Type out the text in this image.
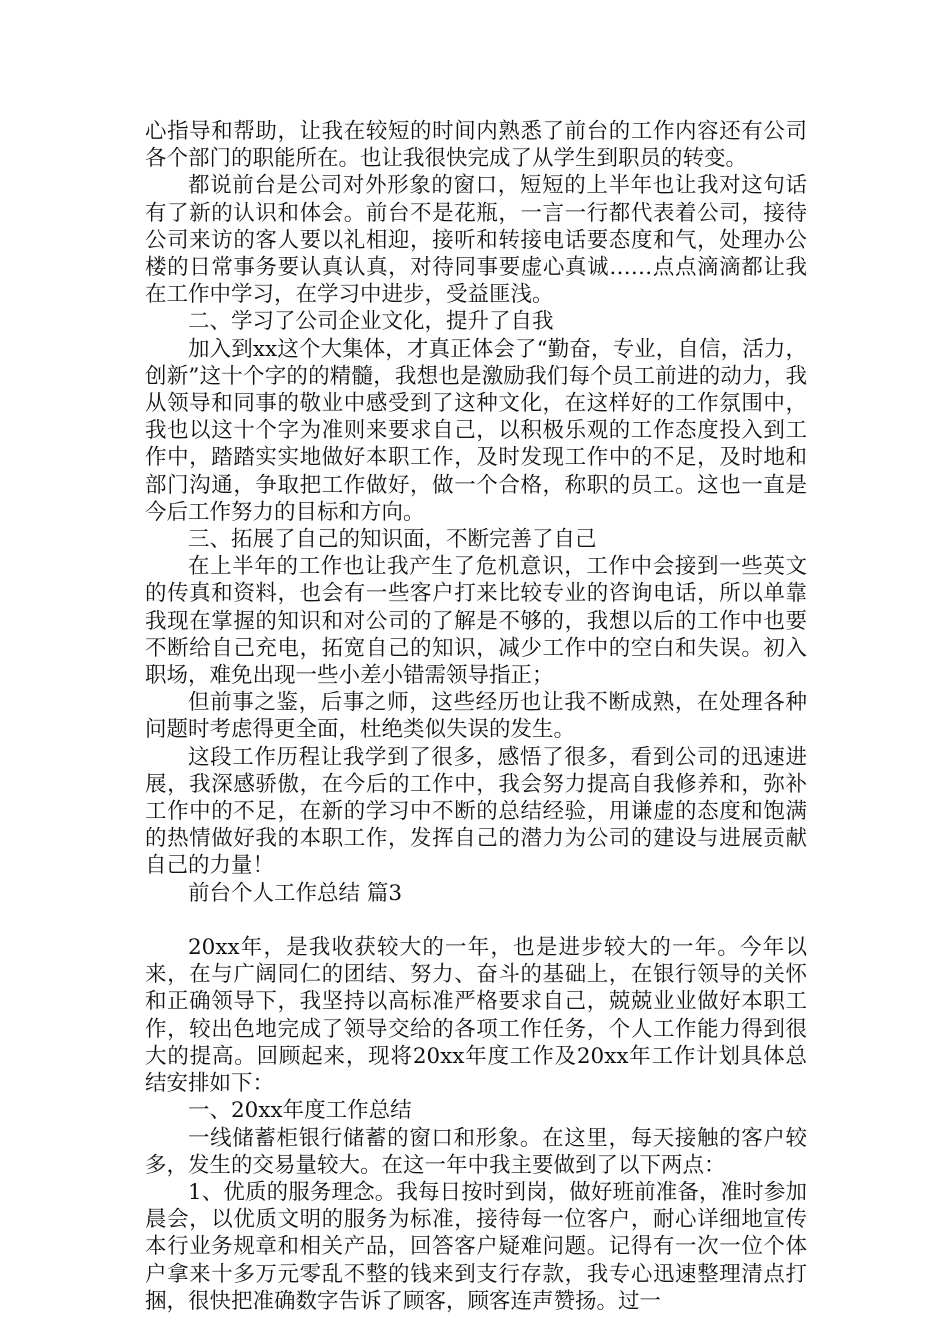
心指导和帮助，让我在较短的时间内熟悉了前台的工作内容还有公司各个部门的职能所在。也让我很快完成了从学生到职员的转变。

都说前台是公司对外形象的窗口，短短的上半年也让我对这句话有了新的认识和体会。前台不是花瓶，一言一行都代表着公司，接待公司来访的客人要以礼相迎，接听和转接电话要态度和气，处理办公楼的日常事务要认真认真，对待同事要虚心真诚……点点滴滴都让我在工作中学习，在学习中进步，受益匪浅。

二、学习了公司企业文化，提升了自我

加入到xx这个大集体，才真正体会了“勤奋，专业，自信，活力，创新”这十个字的的精髓，我想也是激励我们每个员工前进的动力，我从领导和同事的敬业中感受到了这种文化，在这样好的工作氛围中，我也以这十个字为准则来要求自己，以积极乐观的工作态度投入到工作中，踏踏实实地做好本职工作，及时发现工作中的不足，及时地和部门沟通，争取把工作做好，做一个合格，称职的员工。这也一直是今后工作努力的目标和方向。

三、拓展了自己的知识面，不断完善了自己

在上半年的工作也让我产生了危机意识，工作中会接到一些英文的传真和资料，也会有一些客户打来比较专业的咨询电话，所以单靠我现在掌握的知识和对公司的了解是不够的，我想以后的工作中也要不断给自己充电，拓宽自己的知识，减少工作中的空白和失误。初入职场，难免出现一些小差小错需领导指正；

但前事之鉴，后事之师，这些经历也让我不断成熟，在处理各种问题时考虑得更全面，杜绝类似失误的发生。

这段工作历程让我学到了很多，感悟了很多，看到公司的迅速进展，我深感骄傲，在今后的工作中，我会努力提高自我修养和，弥补工作中的不足，在新的学习中不断的总结经验，用谦虚的态度和饱满的热情做好我的本职工作，发挥自己的潜力为公司的建设与进展贡献自己的力量！

前台个人工作总结 篇3

20xx年，是我收获较大的一年，也是进步较大的一年。今年以来，在与广阔同仁的团结、努力、奋斗的基础上，在银行领导的关怀和正确领导下，我坚持以高标准严格要求自己，兢兢业业做好本职工作，较出色地完成了领导交给的各项工作任务，个人工作能力得到很大的提高。回顾起来，现将20xx年度工作及20xx年工作计划具体总结安排如下：

一、20xx年度工作总结

一线储蓄柜银行储蓄的窗口和形象。在这里，每天接触的客户较多，发生的交易量较大。在这一年中我主要做到了以下两点：

1、优质的服务理念。我每日按时到岗，做好班前准备，准时参加晨会，以优质文明的服务为标准，接待每一位客户，耐心详细地宣传本行业务规章和相关产品，回答客户疑难问题。记得有一次一位个体户拿来十多万元零乱不整的钱来到支行存款，我专心迅速整理清点打捆，很快把准确数字告诉了顾客，顾客连声赞扬。过一
